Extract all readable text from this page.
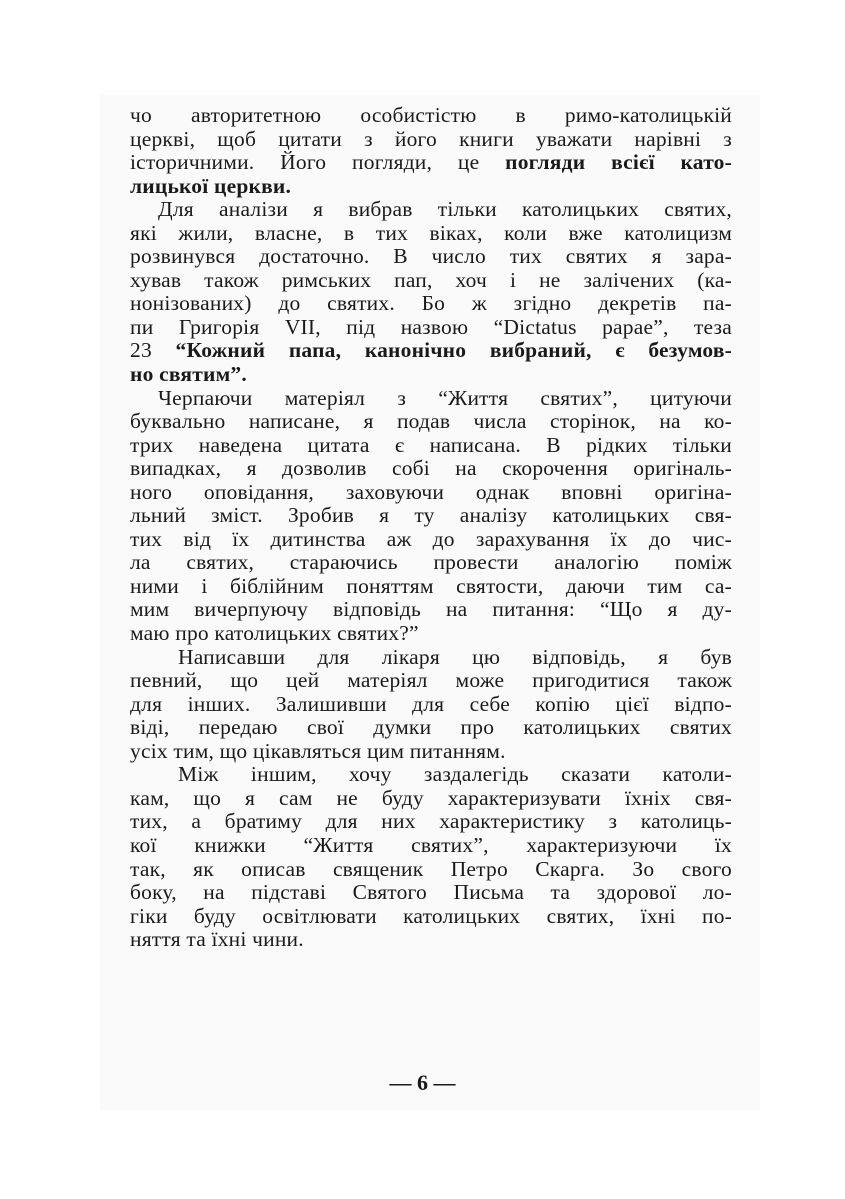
чо авторитетною особистістю в римо-католицькій
церкві, щоб цитати з його книги уважати нарівні з
історичними. Його погляди, це погляди всієї като-
лицької церкви.
Для аналізи я вибрав тільки католицьких святих,
які жили, власне, в тих віках, коли вже католицизм
розвинувся достаточно. В число тих святих я зара-
хував також римських пап, хоч і не залічених (ка-
нонізованих) до святих. Бо ж згідно декретів па-
пи Григорія VII, під назвою “Dictatus papae”, теза
23 “Кожний папа, канонічно вибраний, є безумов-
но святим”.
Черпаючи матеріял з “Життя святих”, цитуючи
буквально написане, я подав числа сторінок, на ко-
трих наведена цитата є написана. В рідких тільки
випадках, я дозволив собі на скорочення оригіналь-
ного оповідання, заховуючи однак вповні оригіна-
льний зміст. Зробив я ту аналізу католицьких свя-
тих від їх дитинства аж до зарахування їх до чис-
ла святих, стараючись провести аналогію поміж
ними і біблійним поняттям святости, даючи тим са-
мим вичерпуючу відповідь на питання: “Що я ду-
маю про католицьких святих?”
Написавши для лікаря цю відповідь, я був
певний, що цей матеріял може пригодитися також
для інших. Залишивши для себе копію цієї відпо-
віді, передаю свої думки про католицьких святих
усіх тим, що цікавляться цим питанням.
Між іншим, хочу заздалегідь сказати католи-
кам, що я сам не буду характеризувати їхніх свя-
тих, а братиму для них характеристику з католиць-
кої книжки “Життя святих”, характеризуючи їх
так, як описав священик Петро Скарга. Зо свого
боку, на підставі Святого Письма та здорової ло-
гіки буду освітлювати католицьких святих, їхні по-
няття та їхні чини.
— 6 —
